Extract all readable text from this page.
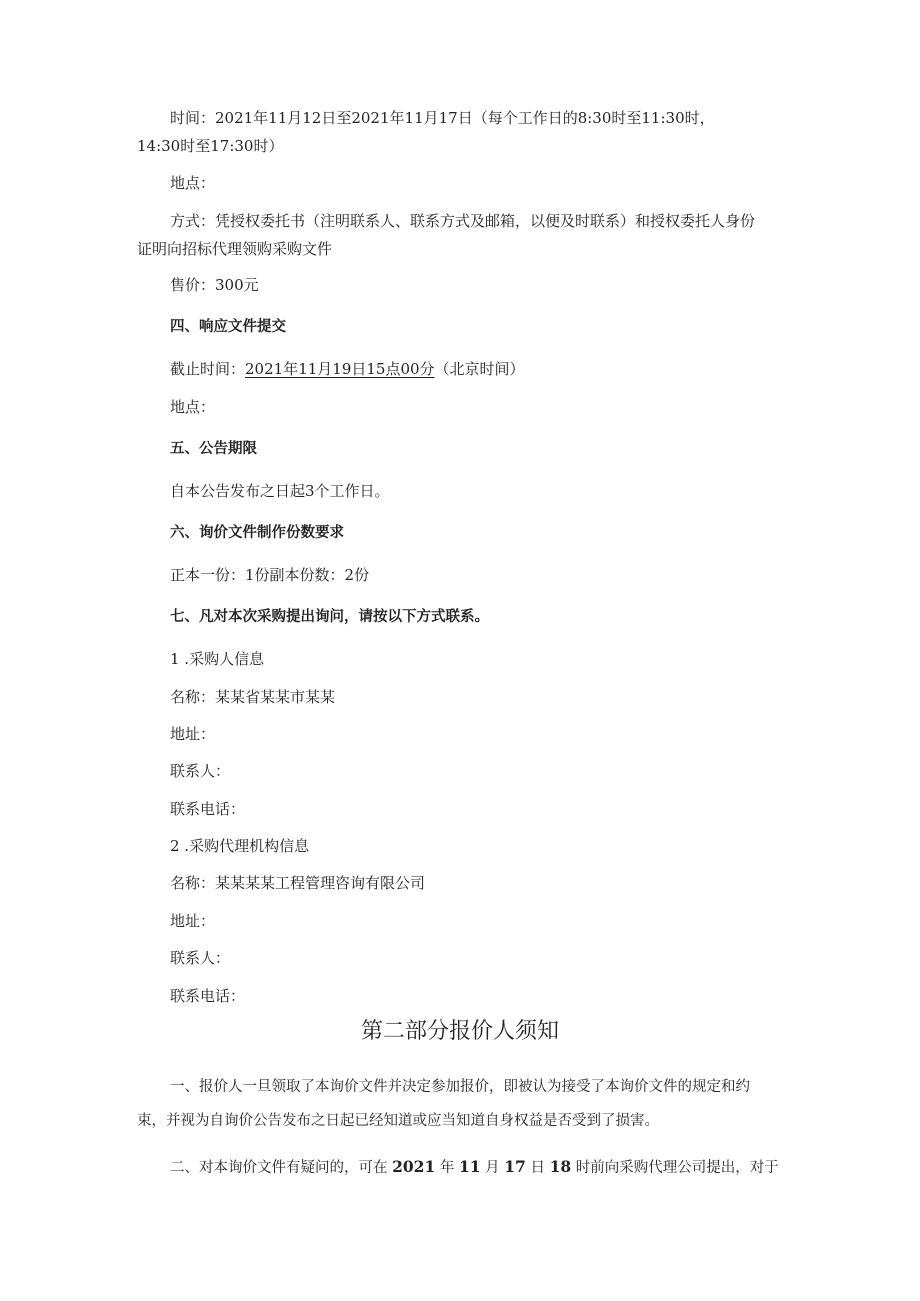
时间：2021年11月12日至2021年11月17日（每个工作日的8:30时至11:30时，
14:30时至17:30时）
地点：
方式：凭授权委托书（注明联系人、联系方式及邮箱，以便及时联系）和授权委托人身份
证明向招标代理领购采购文件
售价：300元
四、响应文件提交
截止时间：2021年11月19日15点00分（北京时间）
地点：
五、公告期限
自本公告发布之日起3个工作日。
六、询价文件制作份数要求
正本一份：1份副本份数：2份
七、凡对本次采购提出询问，请按以下方式联系。
1 .采购人信息
名称：某某省某某市某某
地址：
联系人：
联系电话：
2 .采购代理机构信息
名称：某某某某工程管理咨询有限公司
地址：
联系人：
联系电话：
第二部分报价人须知
一、报价人一旦领取了本询价文件并决定参加报价，即被认为接受了本询价文件的规定和约
束，并视为自询价公告发布之日起已经知道或应当知道自身权益是否受到了损害。
二、对本询价文件有疑问的，可在 2021 年 11 月 17 日 18 时前向采购代理公司提出，对于
